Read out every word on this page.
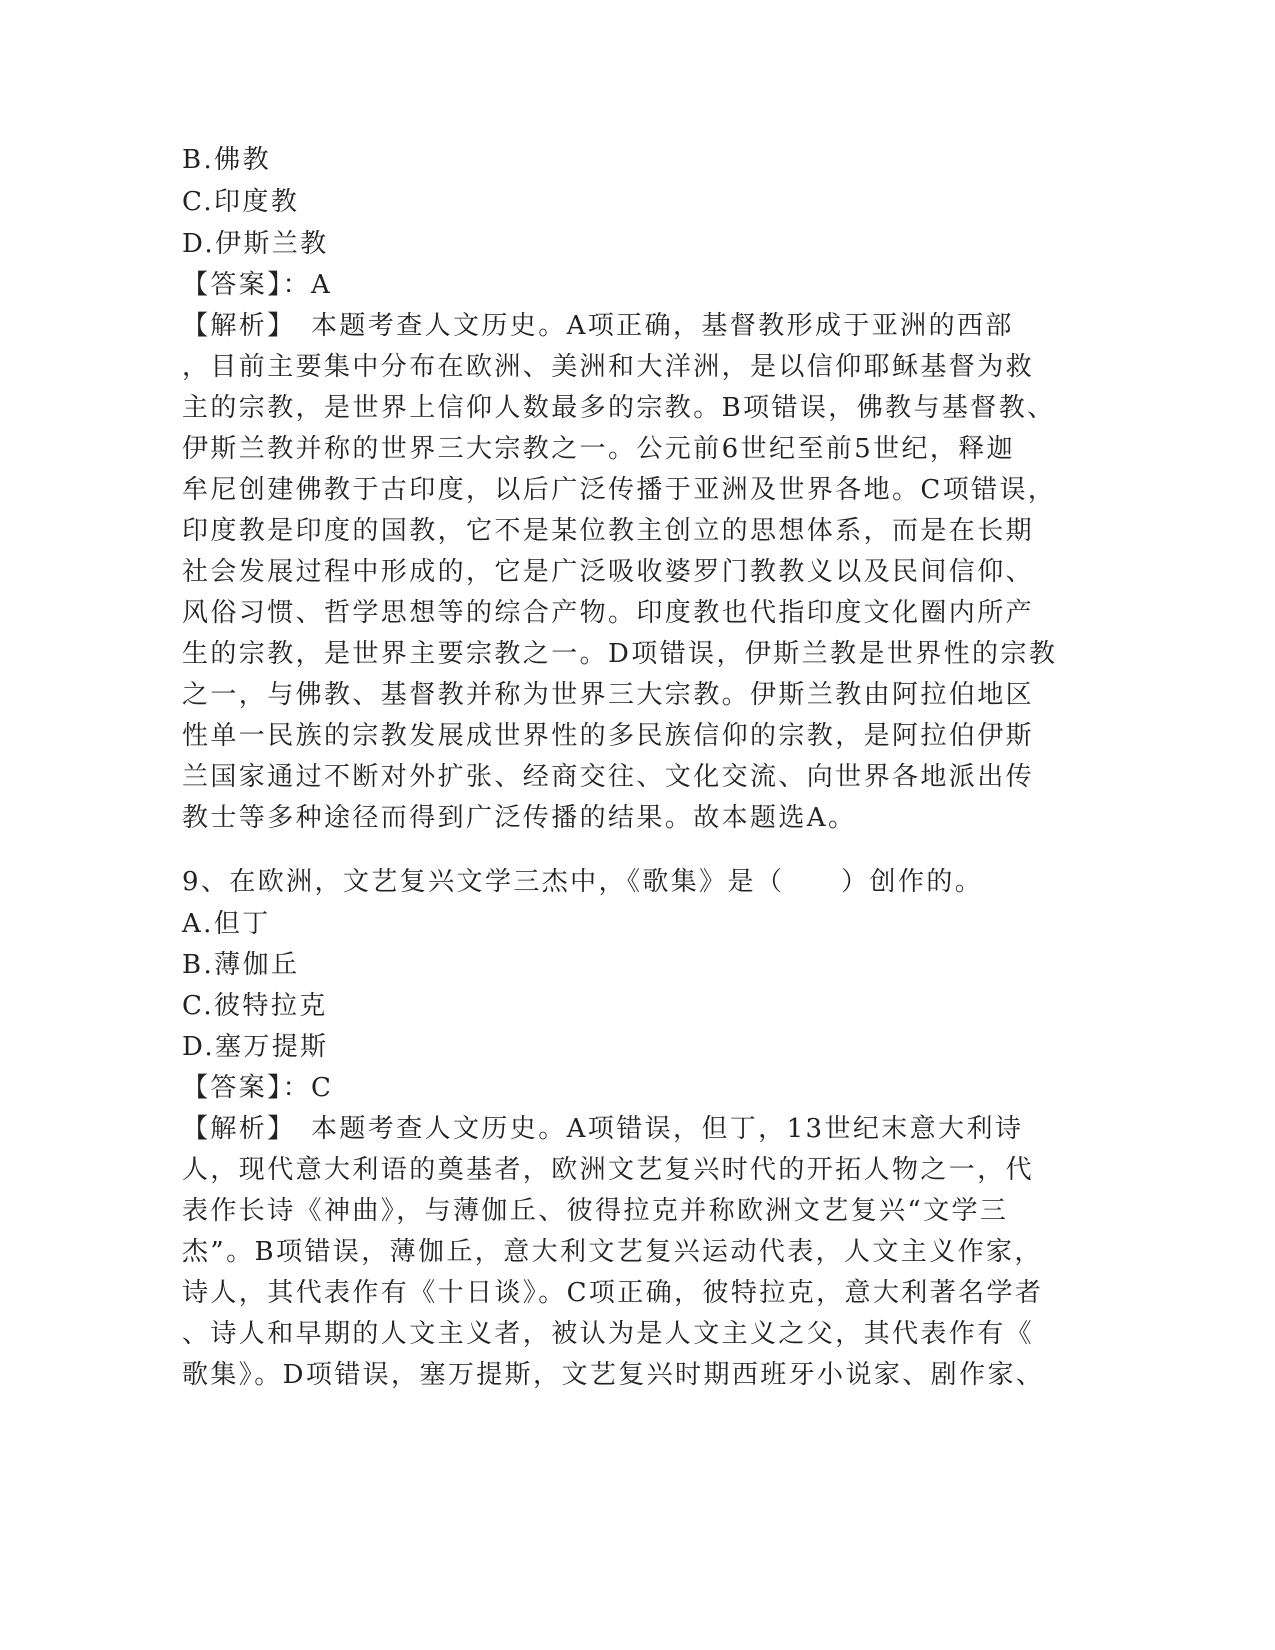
B.佛教
C.印度教
D.伊斯兰教
【答案】：A
【解析】　本题考查人文历史。A项正确，基督教形成于亚洲的西部
，目前主要集中分布在欧洲、美洲和大洋洲，是以信仰耶稣基督为救
主的宗教，是世界上信仰人数最多的宗教。B项错误，佛教与基督教、
伊斯兰教并称的世界三大宗教之一。公元前6世纪至前5世纪，释迦
牟尼创建佛教于古印度，以后广泛传播于亚洲及世界各地。C项错误，
印度教是印度的国教，它不是某位教主创立的思想体系，而是在长期
社会发展过程中形成的，它是广泛吸收婆罗门教教义以及民间信仰、
风俗习惯、哲学思想等的综合产物。印度教也代指印度文化圈内所产
生的宗教，是世界主要宗教之一。D项错误，伊斯兰教是世界性的宗教
之一，与佛教、基督教并称为世界三大宗教。伊斯兰教由阿拉伯地区
性单一民族的宗教发展成世界性的多民族信仰的宗教，是阿拉伯伊斯
兰国家通过不断对外扩张、经商交往、文化交流、向世界各地派出传
教士等多种途径而得到广泛传播的结果。故本题选A。
9、在欧洲，文艺复兴文学三杰中，《歌集》是（　　）创作的。
A.但丁
B.薄伽丘
C.彼特拉克
D.塞万提斯
【答案】：C
【解析】　本题考查人文历史。A项错误，但丁，13世纪末意大利诗
人，现代意大利语的奠基者，欧洲文艺复兴时代的开拓人物之一，代
表作长诗《神曲》，与薄伽丘、彼得拉克并称欧洲文艺复兴“文学三
杰”。B项错误，薄伽丘，意大利文艺复兴运动代表，人文主义作家，
诗人，其代表作有《十日谈》。C项正确，彼特拉克，意大利著名学者
、诗人和早期的人文主义者，被认为是人文主义之父，其代表作有《
歌集》。D项错误，塞万提斯，文艺复兴时期西班牙小说家、剧作家、
